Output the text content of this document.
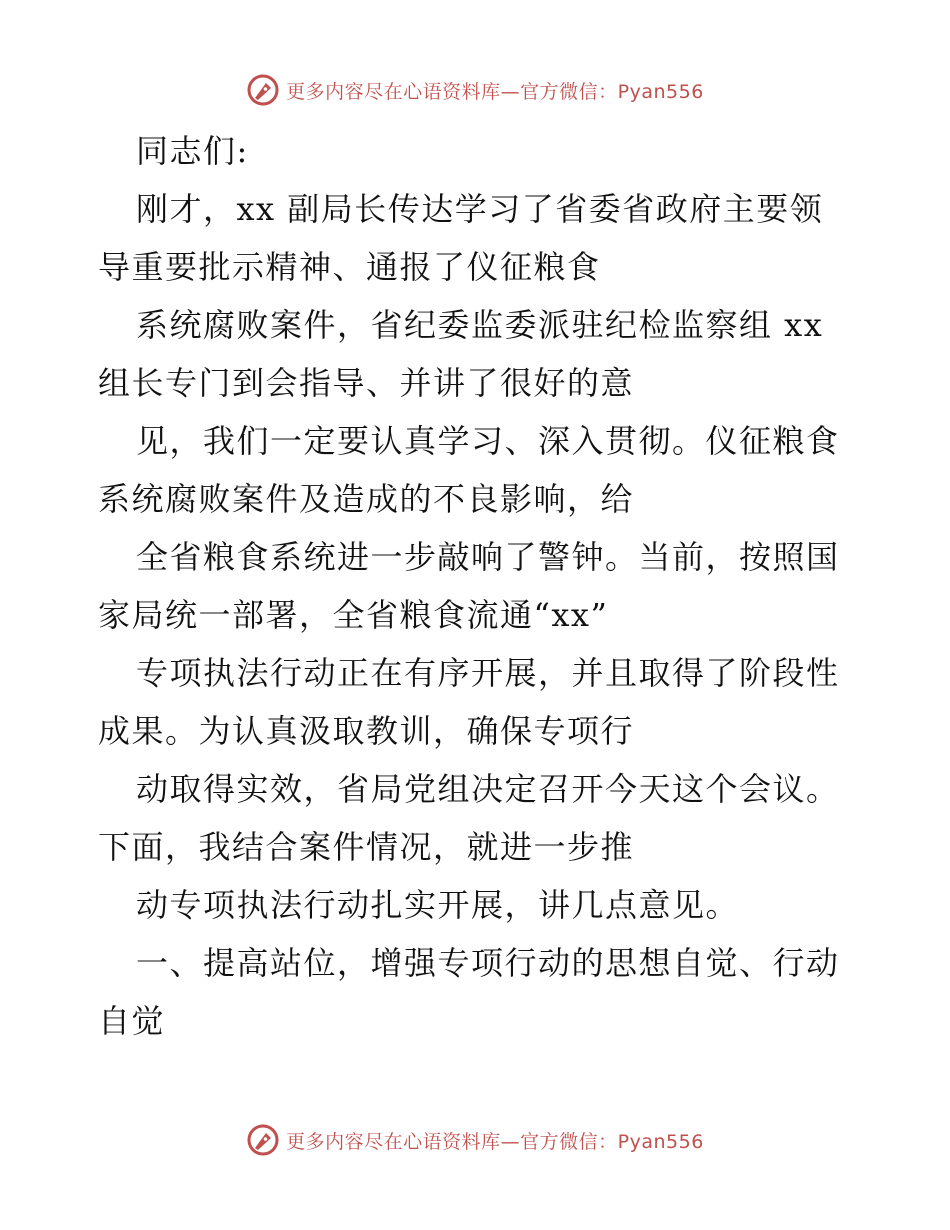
更多内容尽在心语资料库—官方微信：Pyan556
同志们:
刚才，xx 副局长传达学习了省委省政府主要领
导重要批示精神、通报了仪征粮食
系统腐败案件，省纪委监委派驻纪检监察组 xx
组长专门到会指导、并讲了很好的意
见，我们一定要认真学习、深入贯彻。仪征粮食
系统腐败案件及造成的不良影响，给
全省粮食系统进一步敲响了警钟。当前，按照国
家局统一部署，全省粮食流通“xx”
专项执法行动正在有序开展，并且取得了阶段性
成果。为认真汲取教训，确保专项行
动取得实效，省局党组决定召开今天这个会议。
下面，我结合案件情况，就进一步推
动专项执法行动扎实开展，讲几点意见。
一、提高站位，增强专项行动的思想自觉、行动
自觉
更多内容尽在心语资料库—官方微信：Pyan556
